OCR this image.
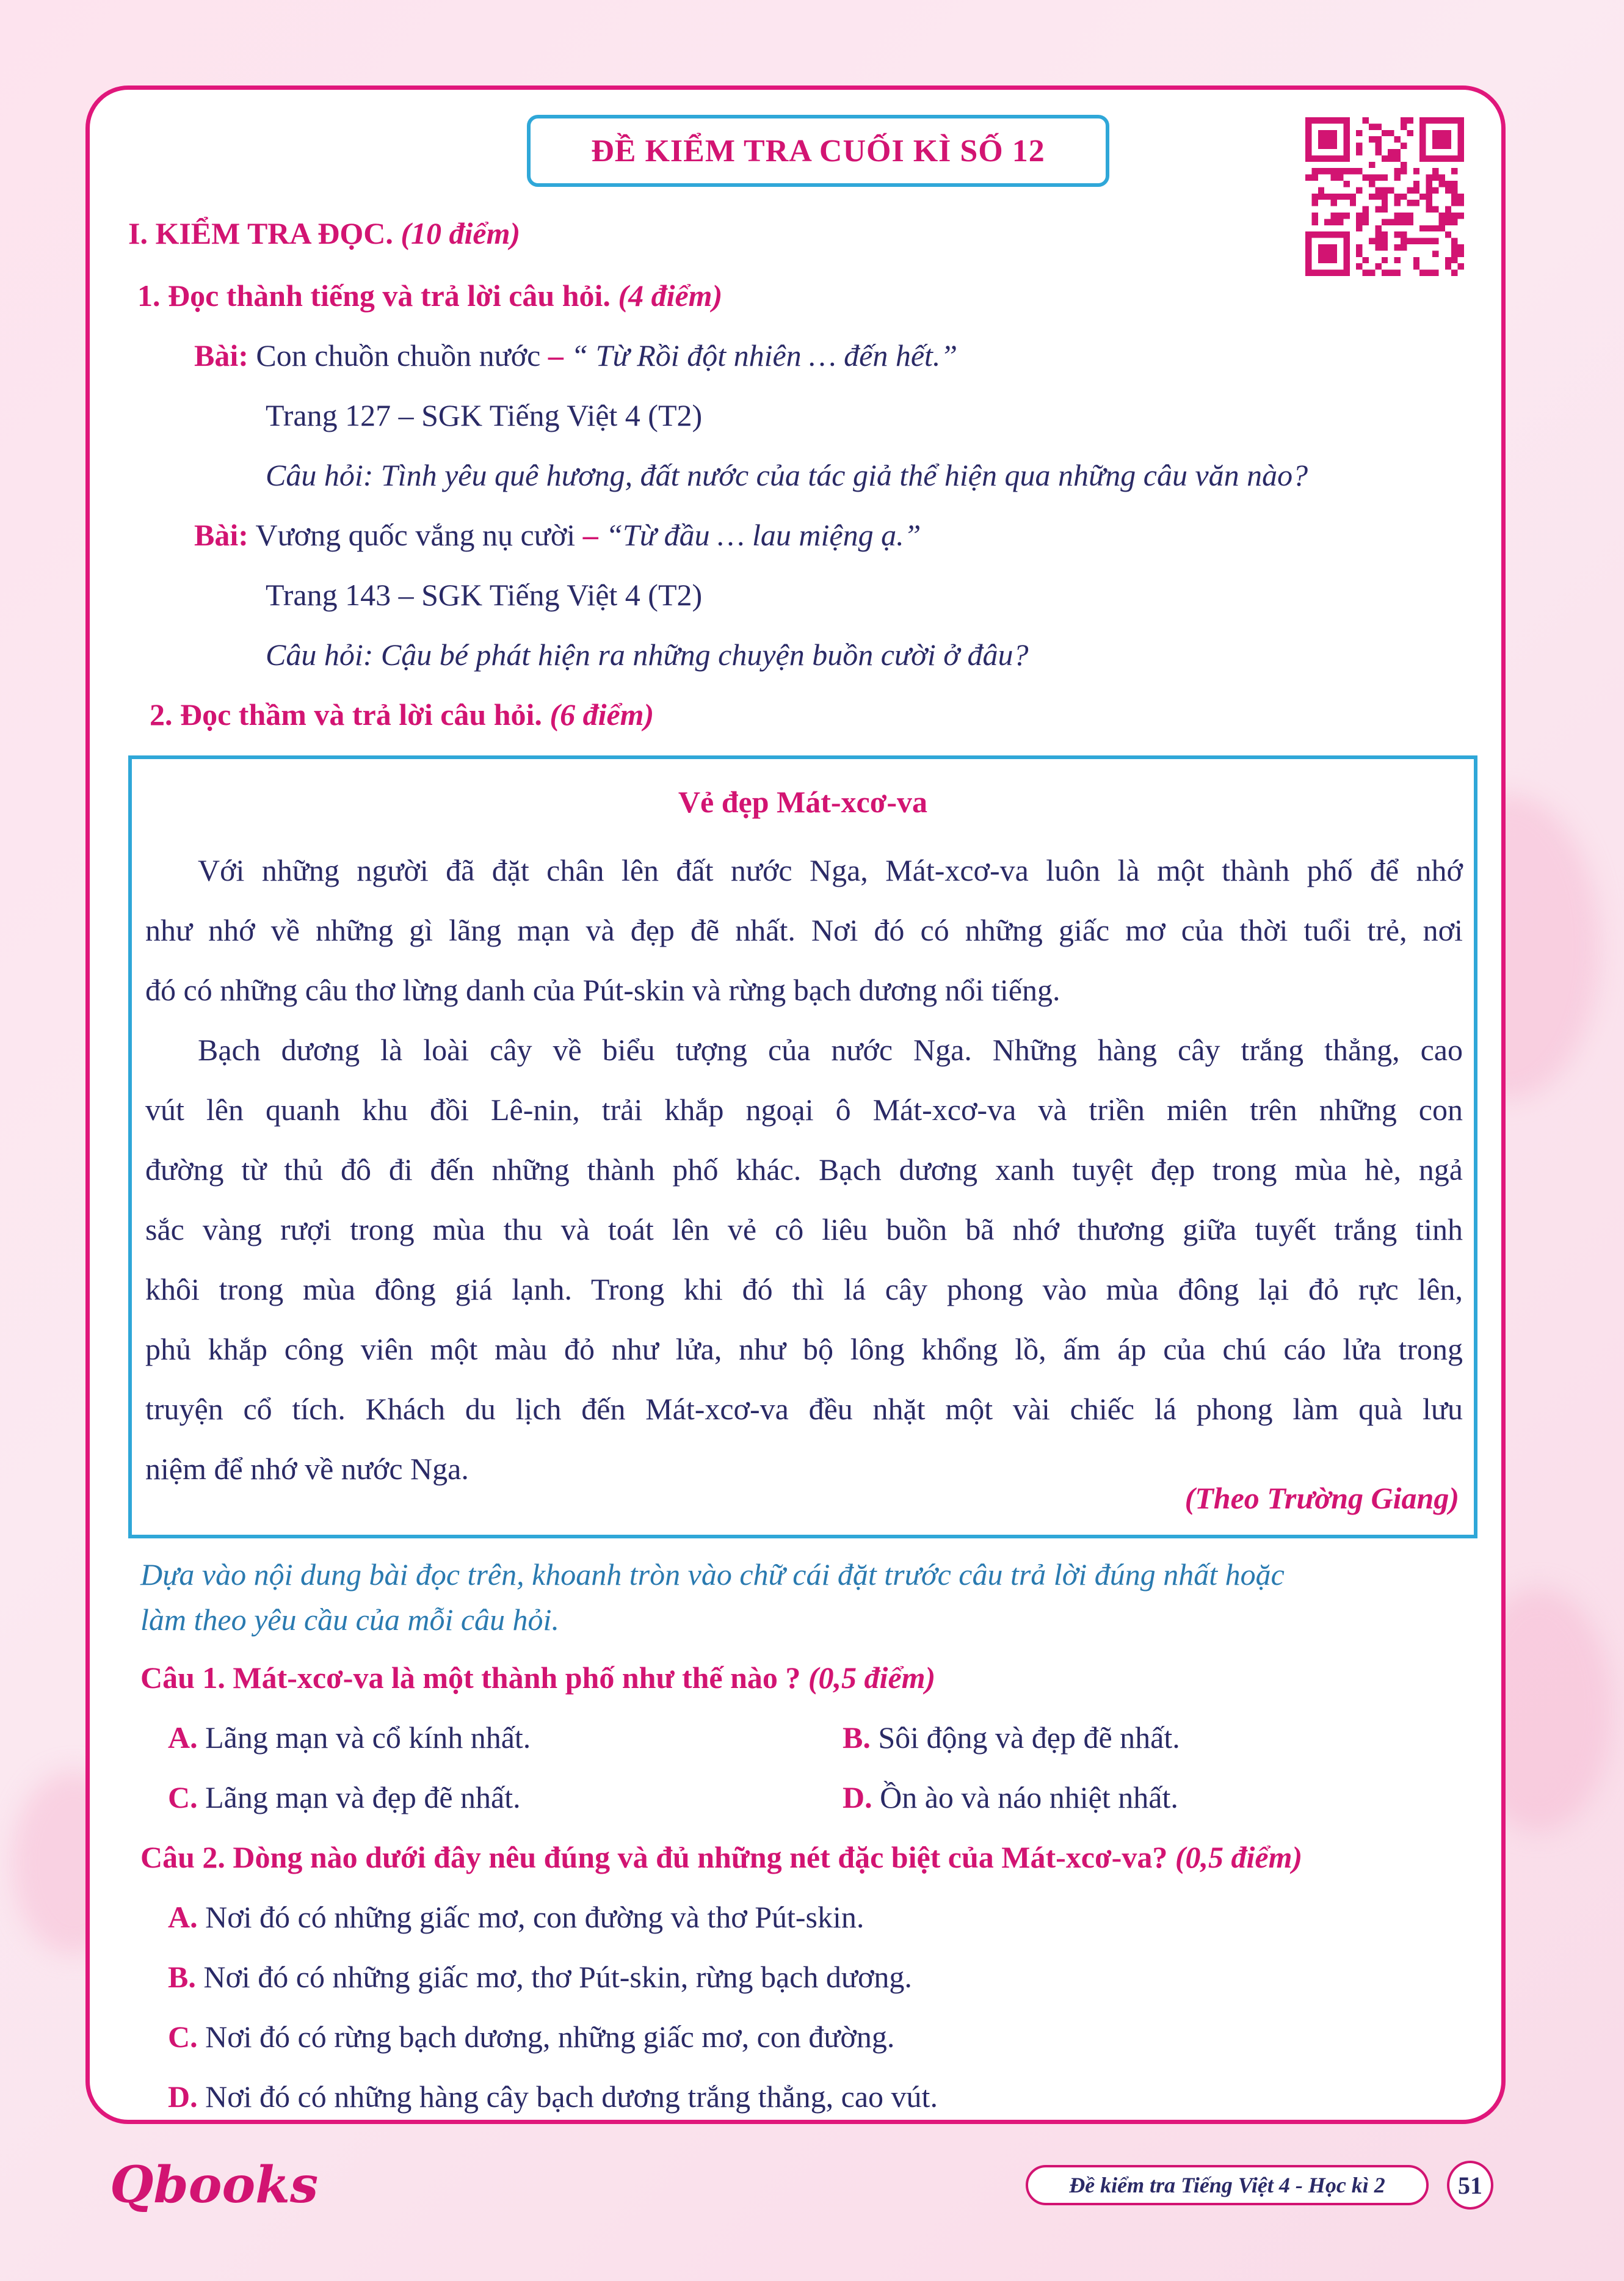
ĐỀ KIỂM TRA CUỐI KÌ SỐ 12
I. KIỂM TRA ĐỌC. (10 điểm)
1. Đọc thành tiếng và trả lời câu hỏi. (4 điểm)
Bài: Con chuồn chuồn nước – “ Từ Rồi đột nhiên … đến hết.”
Trang 127 – SGK Tiếng Việt 4 (T2)
Câu hỏi: Tình yêu quê hương, đất nước của tác giả thể hiện qua những câu văn nào?
Bài: Vương quốc vắng nụ cười – “Từ đầu … lau miệng ạ.”
Trang 143 – SGK Tiếng Việt 4 (T2)
Câu hỏi: Cậu bé phát hiện ra những chuyện buồn cười ở đâu?
2. Đọc thầm và trả lời câu hỏi. (6 điểm)
Vẻ đẹp Mát-xcơ-va
Với những người đã đặt chân lên đất nước Nga, Mát-xcơ-va luôn là một thành phố để nhớ
như nhớ về những gì lãng mạn và đẹp đẽ nhất. Nơi đó có những giấc mơ của thời tuổi trẻ, nơi
đó có những câu thơ lừng danh của Pút-skin và rừng bạch dương nổi tiếng.
Bạch dương là loài cây về biểu tượng của nước Nga. Những hàng cây trắng thẳng, cao
vút lên quanh khu đồi Lê-nin, trải khắp ngoại ô Mát-xcơ-va và triền miên trên những con
đường từ thủ đô đi đến những thành phố khác. Bạch dương xanh tuyệt đẹp trong mùa hè, ngả
sắc vàng rượi trong mùa thu và toát lên vẻ cô liêu buồn bã nhớ thương giữa tuyết trắng tinh
khôi trong mùa đông giá lạnh. Trong khi đó thì lá cây phong vào mùa đông lại đỏ rực lên,
phủ khắp công viên một màu đỏ như lửa, như bộ lông khổng lồ, ấm áp của chú cáo lửa trong
truyện cổ tích. Khách du lịch đến Mát-xcơ-va đều nhặt một vài chiếc lá phong làm quà lưu
niệm để nhớ về nước Nga.
(Theo Trường Giang)
Dựa vào nội dung bài đọc trên, khoanh tròn vào chữ cái đặt trước câu trả lời đúng nhất hoặc
làm theo yêu cầu của mỗi câu hỏi.
Câu 1. Mát-xcơ-va là một thành phố như thế nào ? (0,5 điểm)
A. Lãng mạn và cổ kính nhất.	B. Sôi động và đẹp đẽ nhất.
C. Lãng mạn và đẹp đẽ nhất.	D. Ồn ào và náo nhiệt nhất.
Câu 2. Dòng nào dưới đây nêu đúng và đủ những nét đặc biệt của Mát-xcơ-va? (0,5 điểm)
A. Nơi đó có những giấc mơ, con đường và thơ Pút-skin.
B. Nơi đó có những giấc mơ, thơ Pút-skin, rừng bạch dương.
C. Nơi đó có rừng bạch dương, những giấc mơ, con đường.
D. Nơi đó có những hàng cây bạch dương trắng thẳng, cao vút.
Qbooks	Đề kiểm tra Tiếng Việt 4 - Học kì 2	51
